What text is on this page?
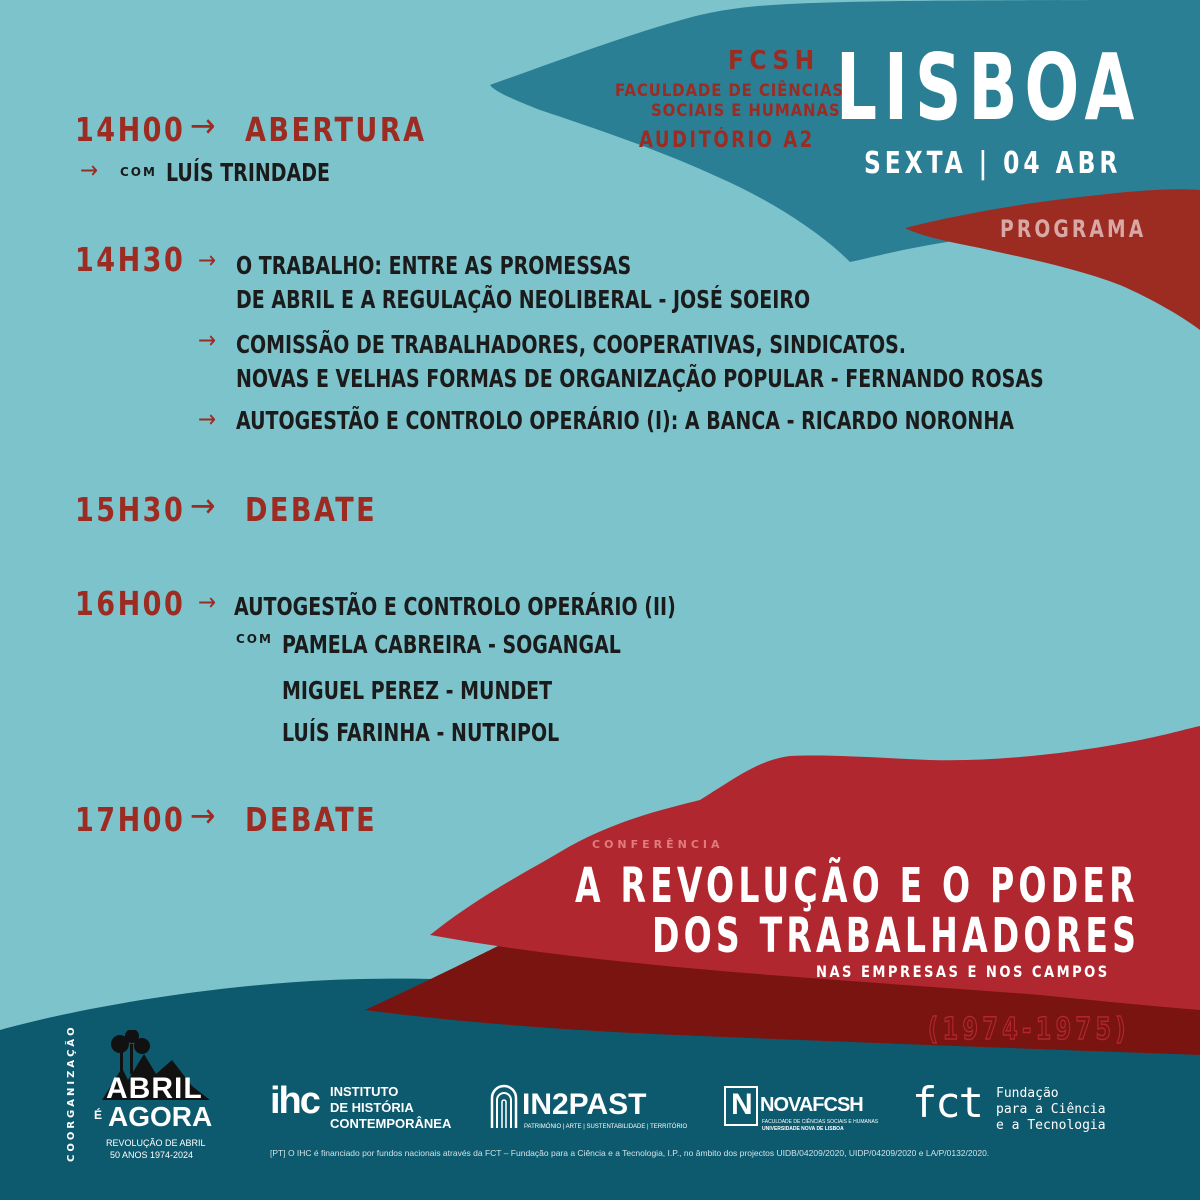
FCSH
FACULDADE DE CIÊNCIAS
SOCIAIS E HUMANAS
AUDITÓRIO A2 LISBOA
SEXTA | 04 ABR
PROGRAMA
14H00 → ABERTURA
→ COM LUÍS TRINDADE
14H30 → O TRABALHO: ENTRE AS PROMESSAS
DE ABRIL E A REGULAÇÃO NEOLIBERAL - JOSÉ SOEIRO
→ COMISSÃO DE TRABALHADORES, COOPERATIVAS, SINDICATOS.
NOVAS E VELHAS FORMAS DE ORGANIZAÇÃO POPULAR - FERNANDO ROSAS
→ AUTOGESTÃO E CONTROLO OPERÁRIO (I): A BANCA - RICARDO NORONHA
15H30 → DEBATE
16H00 → AUTOGESTÃO E CONTROLO OPERÁRIO (II)
COM PAMELA CABREIRA - SOGANGAL
MIGUEL PEREZ - MUNDET
LUÍS FARINHA - NUTRIPOL
17H00 → DEBATE
CONFERÊNCIA
A REVOLUÇÃO E O PODER
DOS TRABALHADORES
NAS EMPRESAS E NOS CAMPOS
(1974-1975)
COORGANIZAÇÃO ABRIL
É AGORA
REVOLUÇÃO DE ABRIL
50 ANOS 1974-2024
ihc INSTITUTO
DE HISTÓRIA
CONTEMPORÂNEA
IN2PAST
PATRIMÓNIO | ARTE | SUSTENTABILIDADE | TERRITÓRIO
N NOVAFCSH
FACULDADE DE CIÊNCIAS SOCIAIS E HUMANAS
UNIVERSIDADE NOVA DE LISBOA
fct Fundação
para a Ciência
e a Tecnologia
[PT] O IHC é financiado por fundos nacionais através da FCT – Fundação para a Ciência e a Tecnologia, I.P., no âmbito dos projectos UIDB/04209/2020, UIDP/04209/2020 e LA/P/0132/2020.
